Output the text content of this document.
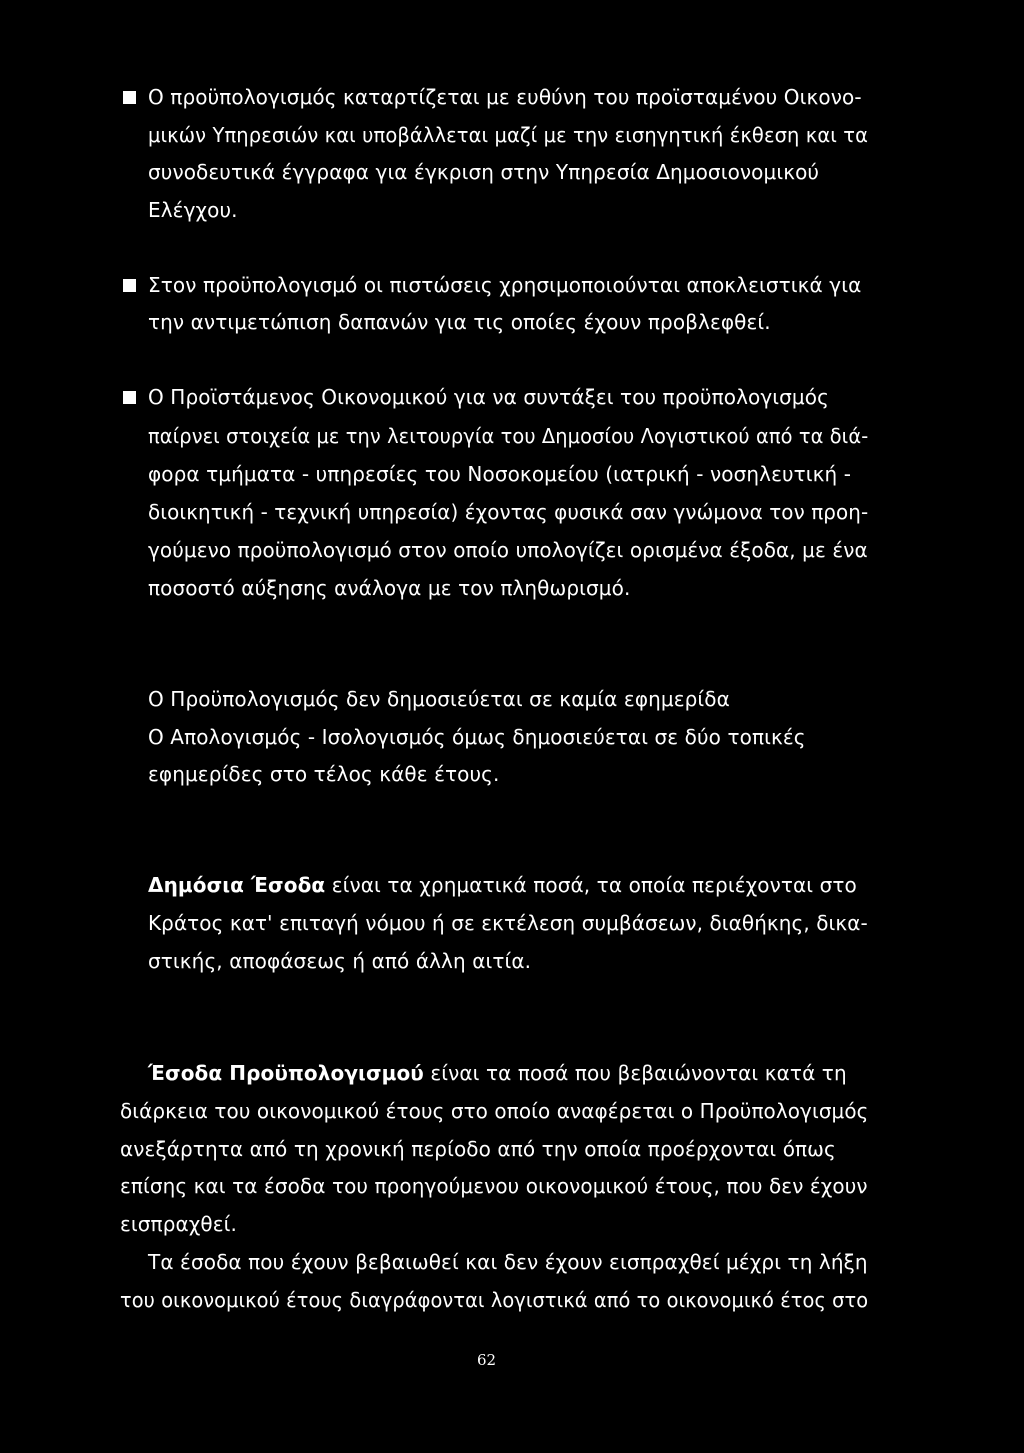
Ο προϋπολογισμός καταρτίζεται με ευθύνη του προϊσταμένου Οικονο-
μικών Υπηρεσιών και υποβάλλεται μαζί με την εισηγητική έκθεση και τα
συνοδευτικά έγγραφα για έγκριση στην Υπηρεσία Δημοσιονομικού
Ελέγχου.
Στον προϋπολογισμό οι πιστώσεις χρησιμοποιούνται αποκλειστικά για
την αντιμετώπιση δαπανών για τις οποίες έχουν προβλεφθεί.
Ο Προϊστάμενος Οικονομικού για να συντάξει του προϋπολογισμός
παίρνει στοιχεία με την λειτουργία του Δημοσίου Λογιστικού από τα διά-
φορα τμήματα - υπηρεσίες του Νοσοκομείου (ιατρική - νοσηλευτική -
διοικητική - τεχνική υπηρεσία) έχοντας φυσικά σαν γνώμονα τον προη-
γούμενο προϋπολογισμό στον οποίο υπολογίζει ορισμένα έξοδα, με ένα
ποσοστό αύξησης ανάλογα με τον πληθωρισμό.
Ο Προϋπολογισμός δεν δημοσιεύεται σε καμία εφημερίδα
Ο Απολογισμός - Ισολογισμός όμως δημοσιεύεται σε δύο τοπικές
εφημερίδες στο τέλος κάθε έτους.
Δημόσια Έσοδα είναι τα χρηματικά ποσά, τα οποία περιέχονται στο
Κράτος κατ' επιταγή νόμου ή σε εκτέλεση συμβάσεων, διαθήκης, δικα-
στικής, αποφάσεως ή από άλλη αιτία.
Έσοδα Προϋπολογισμού είναι τα ποσά που βεβαιώνονται κατά τη
διάρκεια του οικονομικού έτους στο οποίο αναφέρεται ο Προϋπολογισμός
ανεξάρτητα από τη χρονική περίοδο από την οποία προέρχονται όπως
επίσης και τα έσοδα του προηγούμενου οικονομικού έτους, που δεν έχουν
εισπραχθεί.
Τα έσοδα που έχουν βεβαιωθεί και δεν έχουν εισπραχθεί μέχρι τη λήξη
του οικονομικού έτους διαγράφονται λογιστικά από το οικονομικό έτος στο
62
